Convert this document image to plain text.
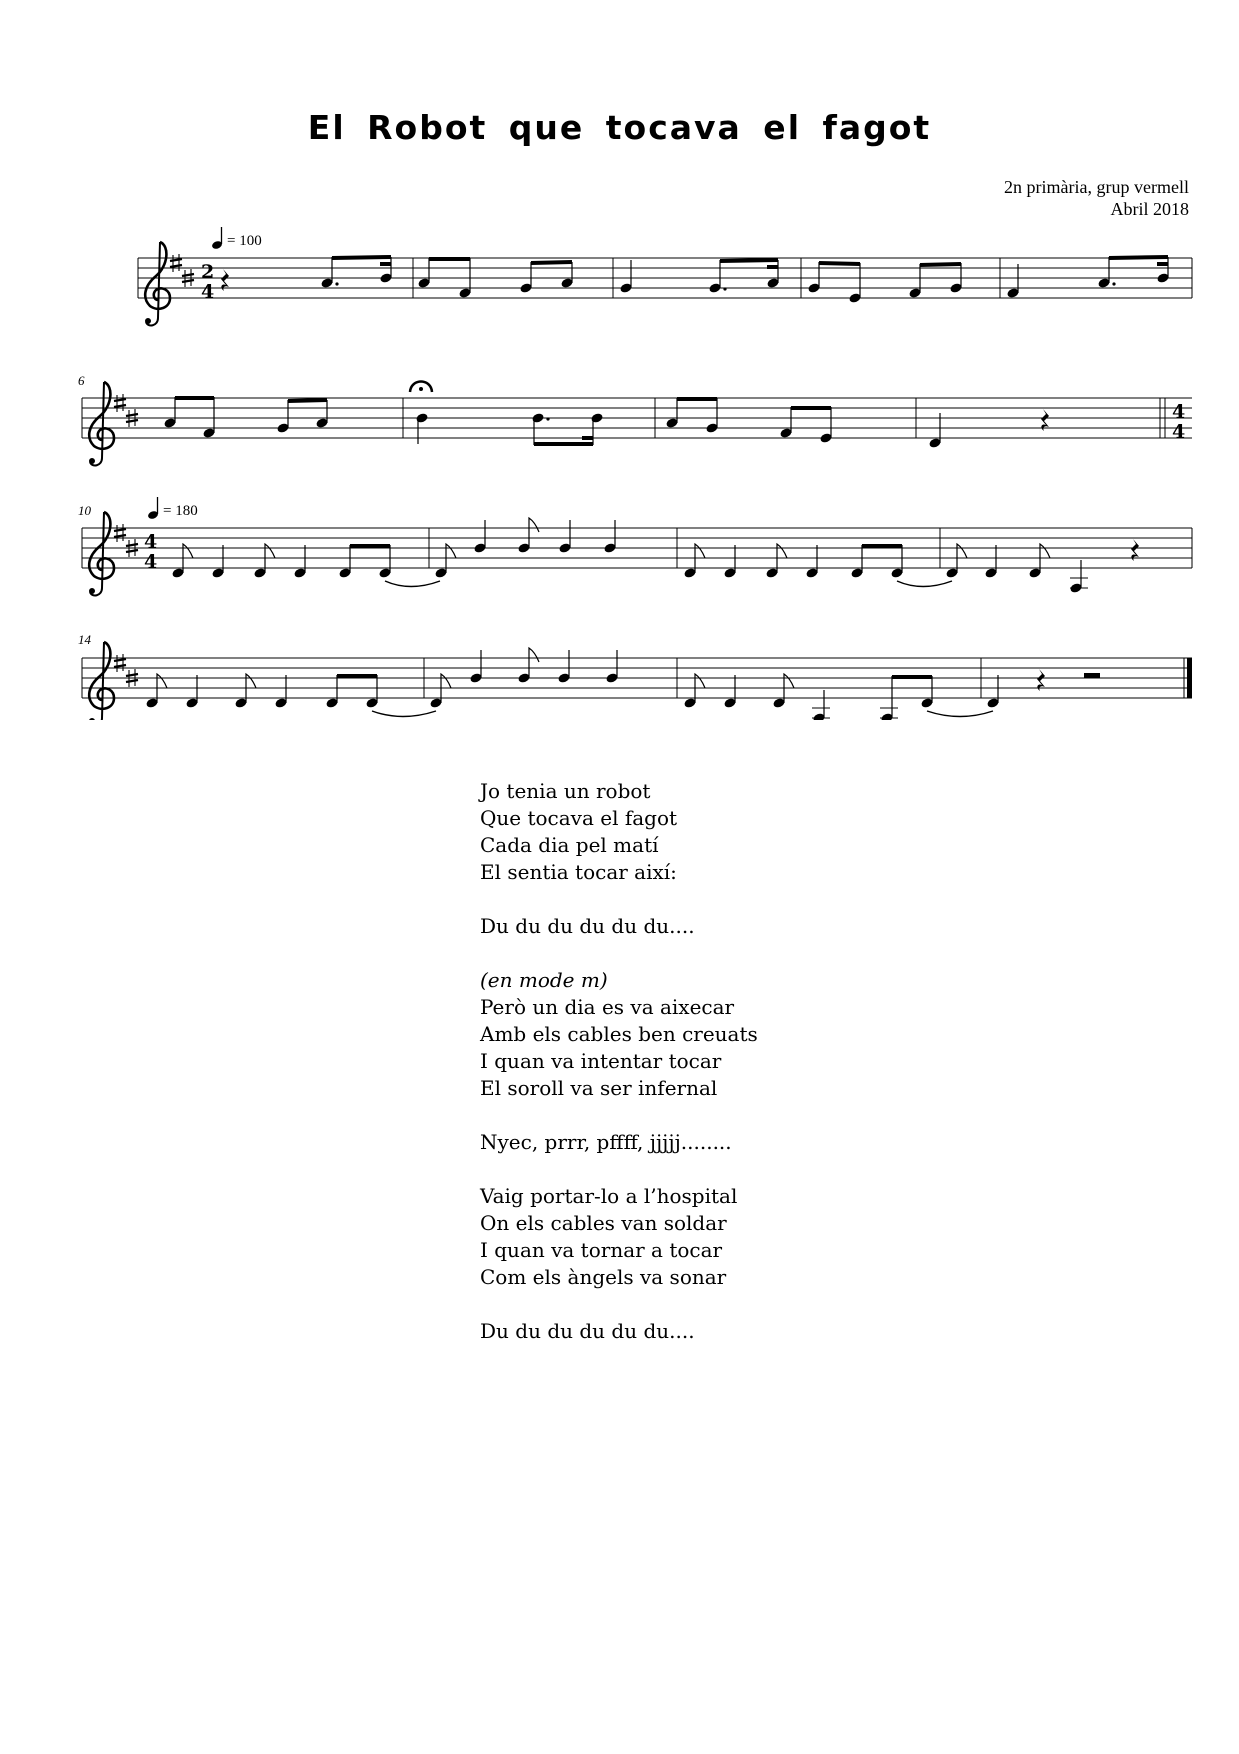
El Robot que tocava el fagot
2n primària, grup vermell
Abril 2018
= 100
= 180
6
10
14
2
4
4
4
4
4
Jo tenia un robot
Que tocava el fagot
Cada dia pel matí
El sentia tocar així:
Du du du du du du....
(en mode m)
Però un dia es va aixecar
Amb els cables ben creuats
I quan va intentar tocar
El soroll va ser infernal
Nyec, prrr, pffff, jjjjj........
Vaig portar-lo a l’hospital
On els cables van soldar
I quan va tornar a tocar
Com els àngels va sonar
Du du du du du du....
